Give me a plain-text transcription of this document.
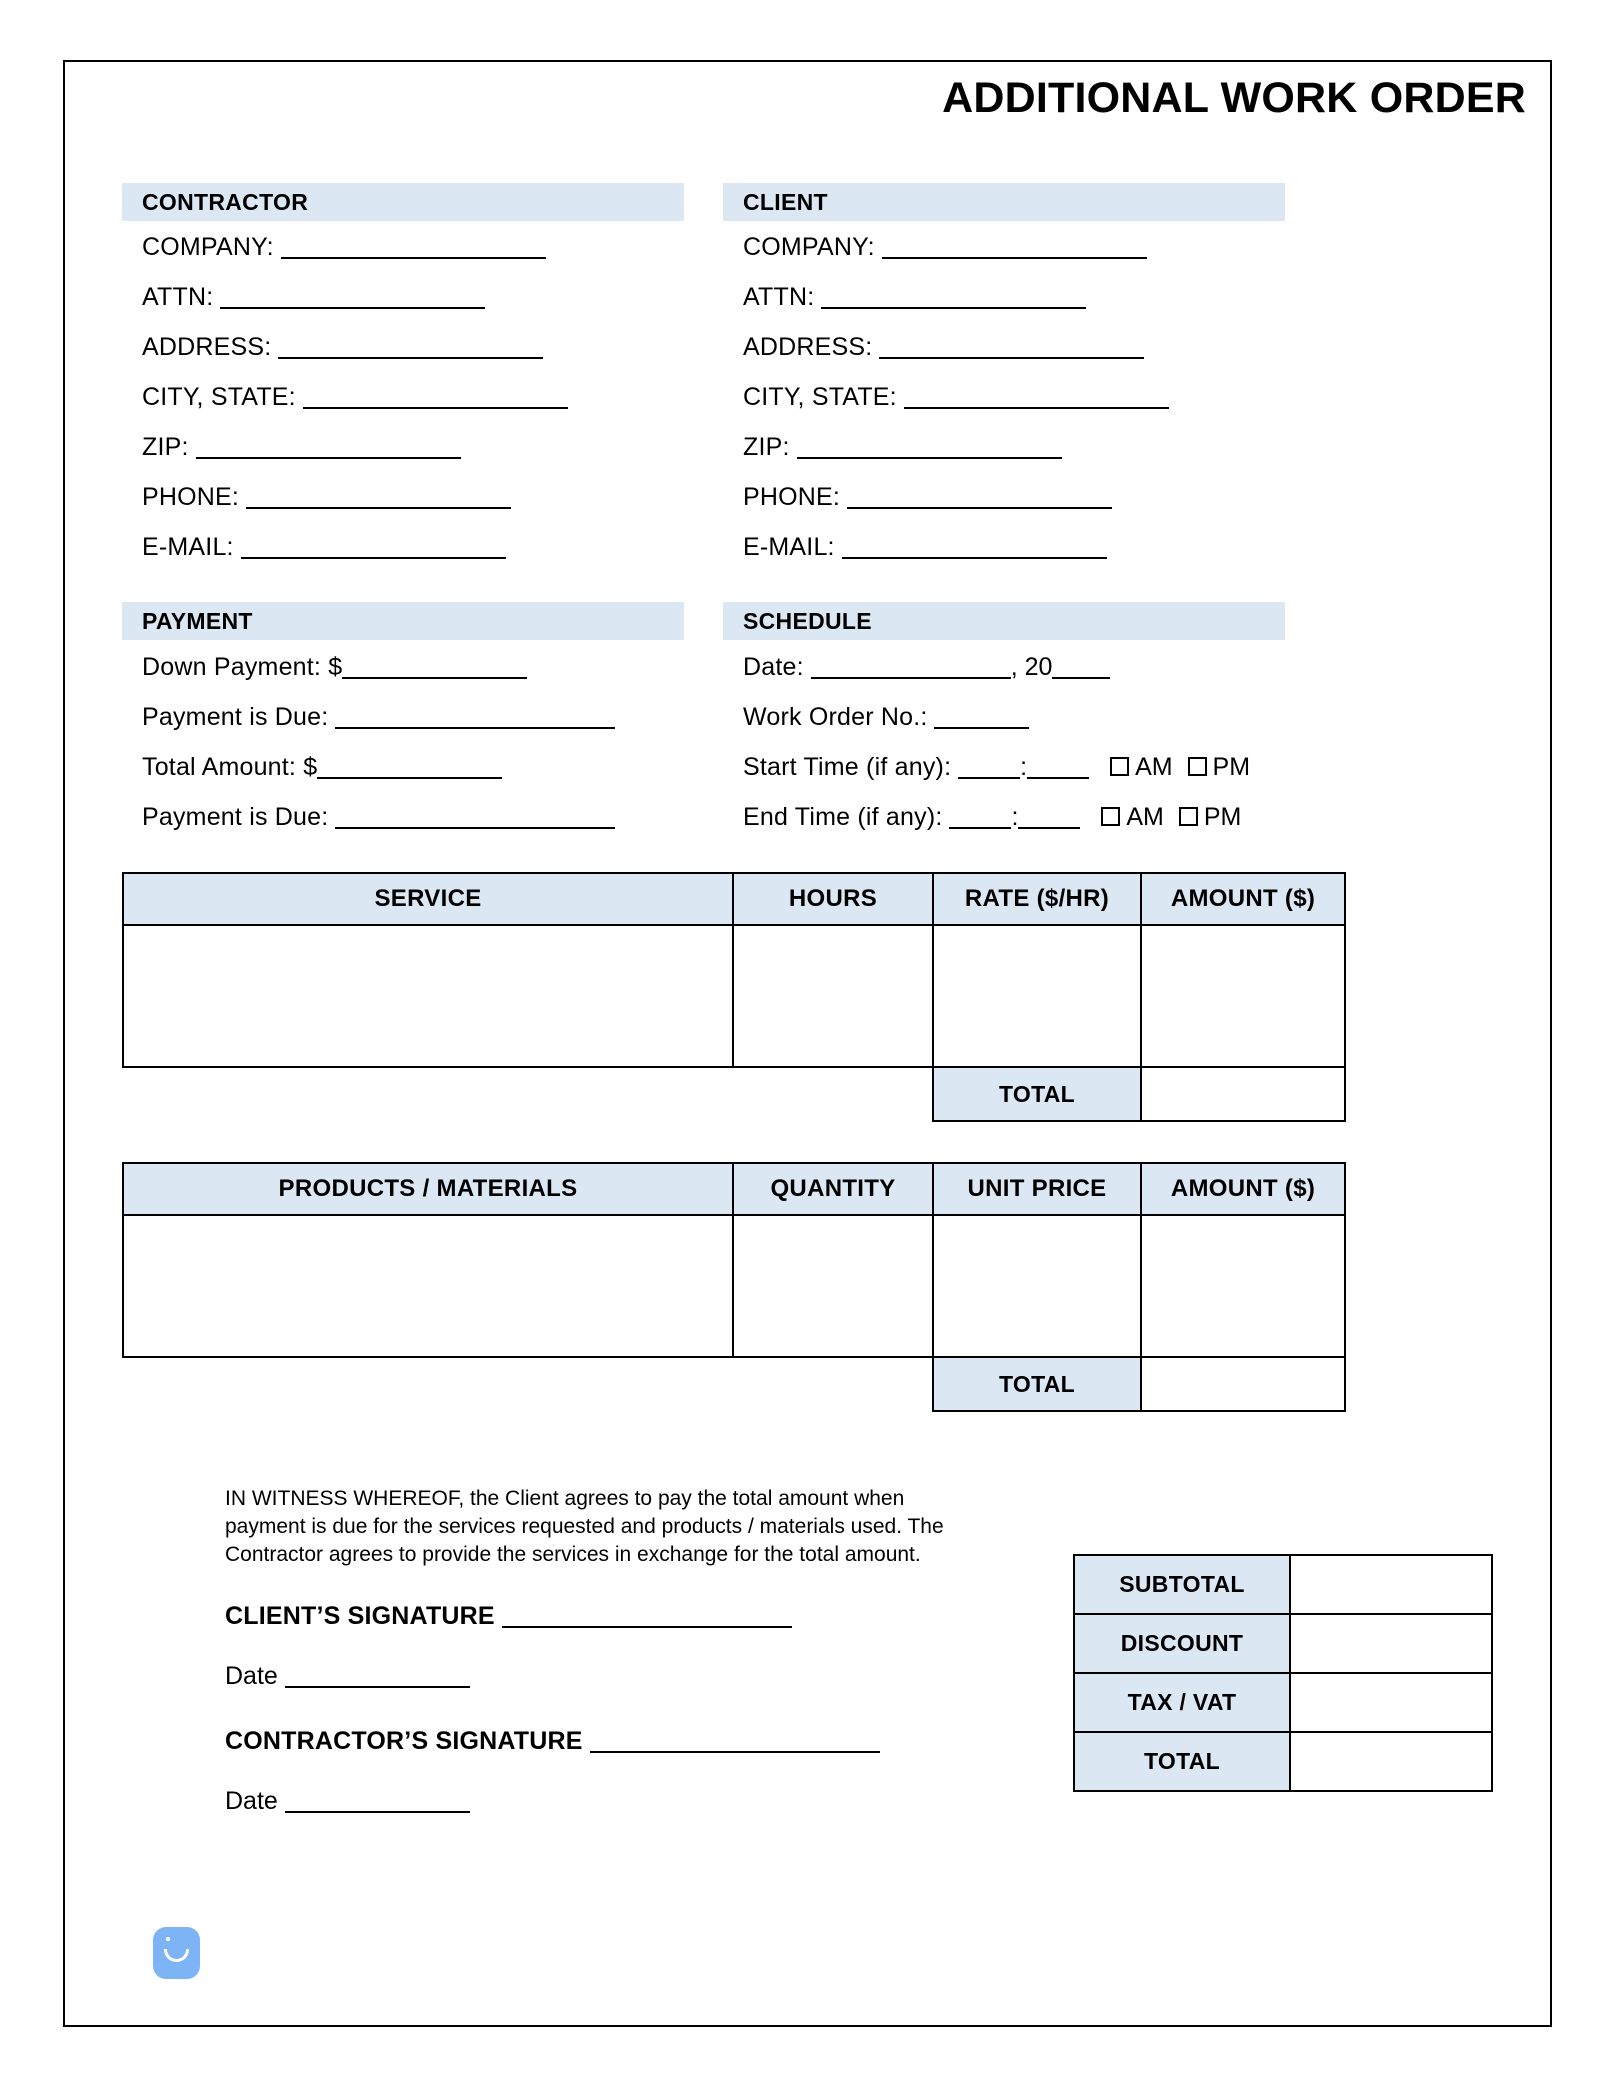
ADDITIONAL WORK ORDER
CONTRACTOR	CLIENT
COMPANY:
ATTN:
ADDRESS:
CITY, STATE:
ZIP:
PHONE:
E-MAIL:
COMPANY:
ATTN:
ADDRESS:
CITY, STATE:
ZIP:
PHONE:
E-MAIL:
PAYMENT	SCHEDULE
Down Payment: $
Payment is Due:
Total Amount: $
Payment is Due:
Date:	, 20
Work Order No.:
Start Time (if any):	:	AM PM
End Time (if any):	:	AM PM
SERVICE	HOURS	RATE ($/HR)	AMOUNT ($)

		TOTAL	
PRODUCTS / MATERIALS	QUANTITY	UNIT PRICE	AMOUNT ($)

		TOTAL	
IN WITNESS WHEREOF, the Client agrees to pay the total amount when payment is due for the services requested and products / materials used. The Contractor agrees to provide the services in exchange for the total amount.
SUBTOTAL	
DISCOUNT	
TAX / VAT	
TOTAL	
CLIENT’S SIGNATURE
Date
CONTRACTOR’S SIGNATURE
Date
